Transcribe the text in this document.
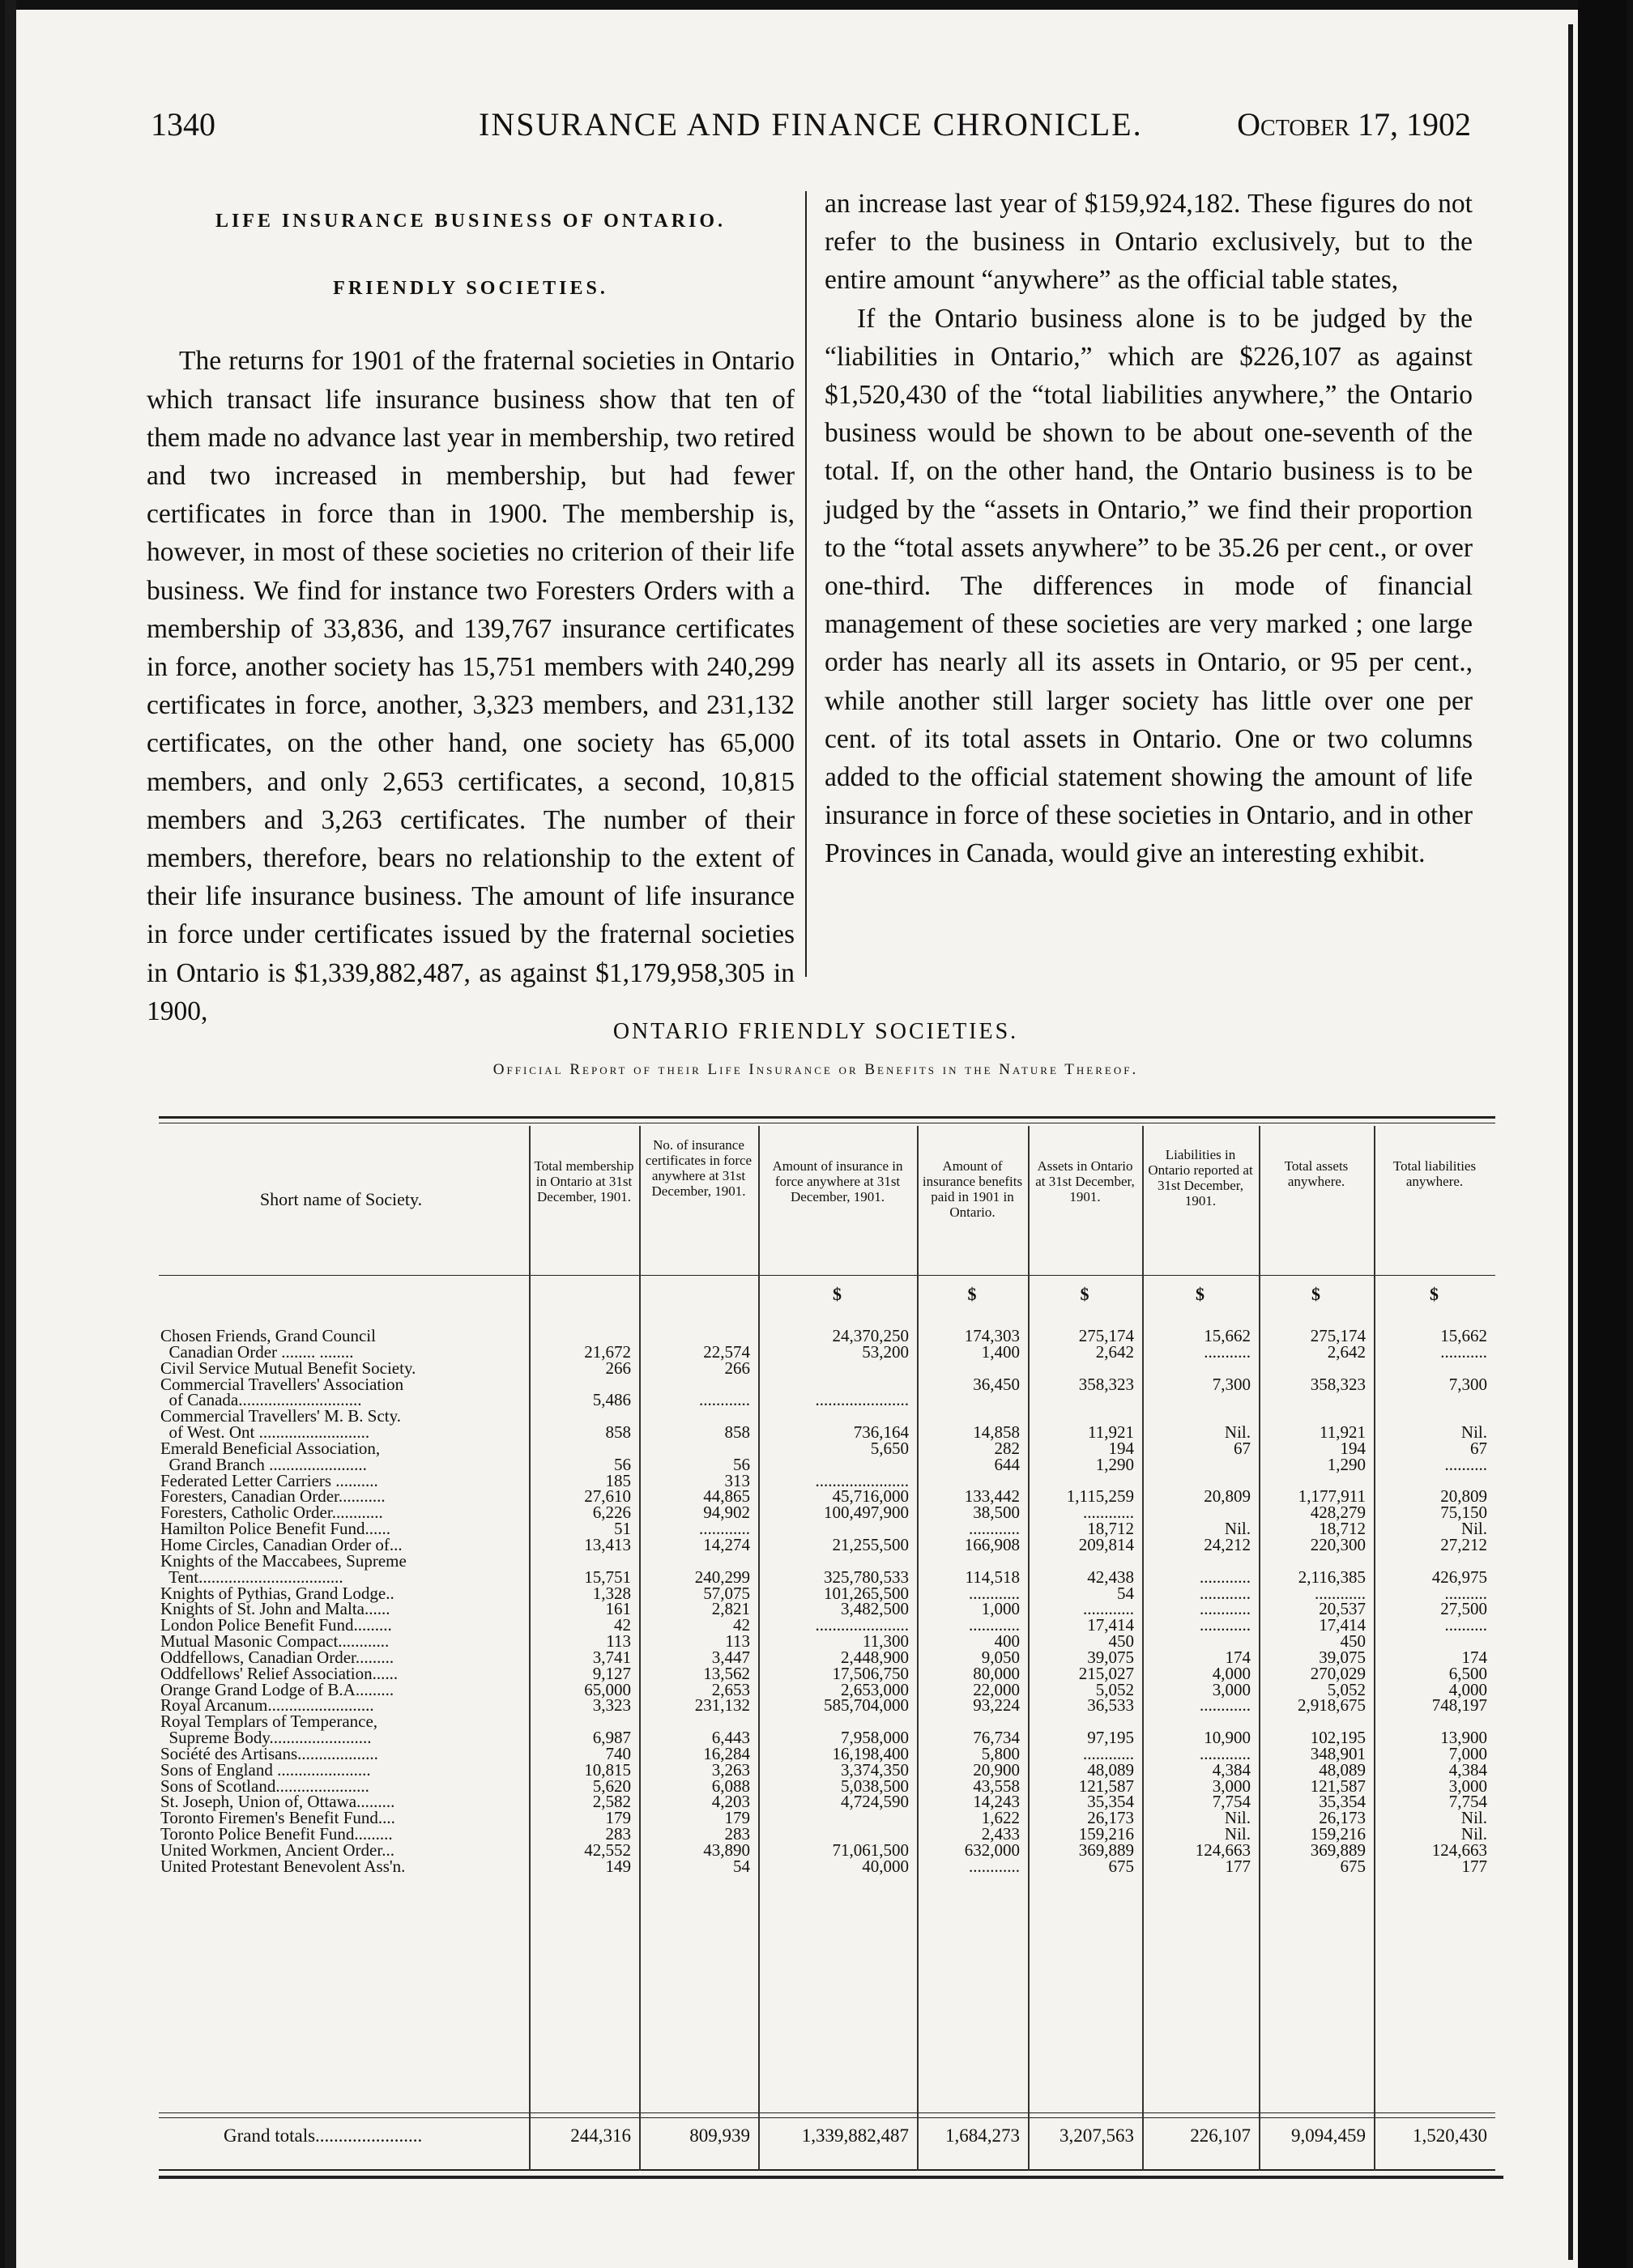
1340	INSURANCE AND FINANCE CHRONICLE.	October 17, 1902
LIFE INSURANCE BUSINESS OF ONTARIO.
FRIENDLY SOCIETIES.

The returns for 1901 of the fraternal societies in Ontario which transact life insurance business show that ten of them made no advance last year in membership, two retired and two increased in membership, but had fewer certificates in force than in 1900. The membership is, however, in most of these societies no criterion of their life business. We find for instance two Foresters Orders with a membership of 33,836, and 139,767 insurance certificates in force, another society has 15,751 members with 240,299 certificates in force, another, 3,323 members, and 231,132 certificates, on the other hand, one society has 65,000 members, and only 2,653 certificates, a second, 10,815 members and 3,263 certificates. The number of their members, therefore, bears no relationship to the extent of their life insurance business. The amount of life insurance in force under certificates issued by the fraternal societies in Ontario is $1,339,882,487, as against $1,179,958,305 in 1900,

an increase last year of $159,924,182. These figures do not refer to the business in Ontario exclusively, but to the entire amount “anywhere” as the official table states,

If the Ontario business alone is to be judged by the “liabilities in Ontario,” which are $226,107 as against $1,520,430 of the “total liabilities anywhere,” the Ontario business would be shown to be about one-seventh of the total. If, on the other hand, the Ontario business is to be judged by the “assets in Ontario,” we find their proportion to the “total assets anywhere” to be 35.26 per cent., or over one-third. The differences in mode of financial management of these societies are very marked ; one large order has nearly all its assets in Ontario, or 95 per cent., while another still larger society has little over one per cent. of its total assets in Ontario. One or two columns added to the official statement showing the amount of life insurance in force of these societies in Ontario, and in other Provinces in Canada, would give an interesting exhibit.

ONTARIO FRIENDLY SOCIETIES.
Official Report of their Life Insurance or Benefits in the Nature Thereof.
Short name of Society.
Chosen Friends, Grand Council
Canadian Order ........ ........
Civil Service Mutual Benefit Society.
Commercial Travellers' Association
of Canada.............................
Commercial Travellers' M. B. Scty.
of West. Ont ..........................
Emerald Beneficial Association,
Grand Branch .......................
Federated Letter Carriers ..........
Foresters, Canadian Order...........
Foresters, Catholic Order............
Hamilton Police Benefit Fund......
Home Circles, Canadian Order of...
Knights of the Maccabees, Supreme
Tent..................................
Knights of Pythias, Grand Lodge..
Knights of St. John and Malta......
London Police Benefit Fund.........
Mutual Masonic Compact............
Oddfellows, Canadian Order.........
Oddfellows' Relief Association......
Orange Grand Lodge of B.A.........
Royal Arcanum.........................
Royal Templars of Temperance,
Supreme Body........................
Société des Artisans...................
Sons of England ......................
Sons of Scotland......................
St. Joseph, Union of, Ottawa.........
Toronto Firemen's Benefit Fund....
Toronto Police Benefit Fund.........
United Workmen, Ancient Order...
United Protestant Benevolent Ass'n.
Grand totals.......................
Total membership in Ontario at 31st December, 1901.
21,672
266
5,486
858
56
185
27,610
6,226
51
13,413
15,751
1,328
161
42
113
3,741
9,127
65,000
3,323
6,987
740
10,815
5,620
2,582
179
283
42,552
149
244,316
No. of insurance certificates in force anywhere at 31st December, 1901.
22,574
266
............
858
56
313
44,865
94,902
............
14,274
240,299
57,075
2,821
42
113
3,447
13,562
2,653
231,132
6,443
16,284
3,263
6,088
4,203
179
283
43,890
54
809,939
Amount of insurance in force anywhere at 31st December, 1901.
$
24,370,250
53,200
......................
736,164
5,650
......................
45,716,000
100,497,900
21,255,500
325,780,533
101,265,500
3,482,500
......................
11,300
2,448,900
17,506,750
2,653,000
585,704,000
7,958,000
16,198,400
3,374,350
5,038,500
4,724,590
71,061,500
40,000
1,339,882,487
Amount of insurance benefits paid in 1901 in Ontario.
$
174,303
1,400
36,450
14,858
282
644
133,442
38,500
............
166,908
114,518
............
1,000
............
400
9,050
80,000
22,000
93,224
76,734
5,800
20,900
43,558
14,243
1,622
2,433
632,000
............
1,684,273
Assets in Ontario at 31st December, 1901.
$
275,174
2,642
358,323
11,921
194
1,290
1,115,259
............
18,712
209,814
42,438
54
............
17,414
450
39,075
215,027
5,052
36,533
97,195
............
48,089
121,587
35,354
26,173
159,216
369,889
675
3,207,563
Liabilities in Ontario reported at 31st December, 1901.
$
15,662
...........
7,300
Nil.
67
20,809
Nil.
24,212
............
............
............
............
174
4,000
3,000
............
10,900
............
4,384
3,000
7,754
Nil.
Nil.
124,663
177
226,107
Total assets anywhere.
$
275,174
2,642
358,323
11,921
194
1,290
1,177,911
428,279
18,712
220,300
2,116,385
............
20,537
17,414
450
39,075
270,029
5,052
2,918,675
102,195
348,901
48,089
121,587
35,354
26,173
159,216
369,889
675
9,094,459
Total liabilities anywhere.
$
15,662
...........
7,300
Nil.
67
..........
20,809
75,150
Nil.
27,212
426,975
..........
27,500
..........
174
6,500
4,000
748,197
13,900
7,000
4,384
3,000
7,754
Nil.
Nil.
124,663
177
1,520,430
